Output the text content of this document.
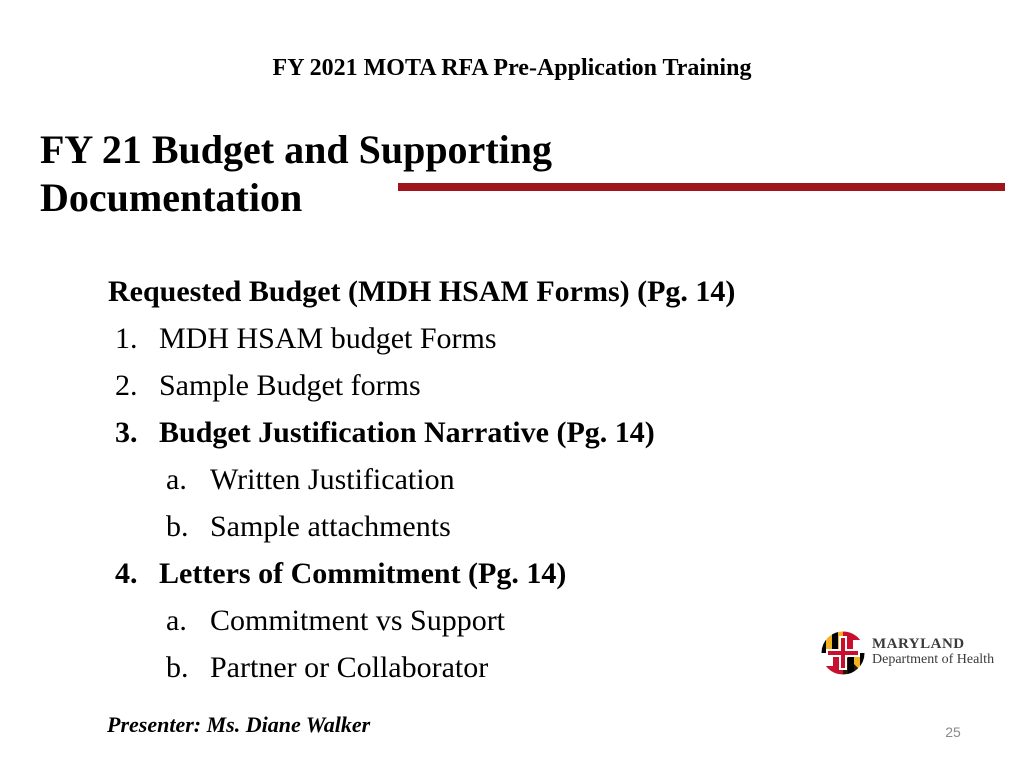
FY 2021 MOTA RFA Pre-Application Training
FY 21 Budget and Supporting
Documentation
Requested Budget (MDH HSAM Forms) (Pg. 14)
1. MDH HSAM budget Forms
2. Sample Budget forms
3. Budget Justification Narrative (Pg. 14)
a. Written Justification
b. Sample attachments
4. Letters of Commitment (Pg. 14)
a. Commitment vs Support
b. Partner or Collaborator
Presenter: Ms. Diane Walker	25
MARYLAND
Department of Health
